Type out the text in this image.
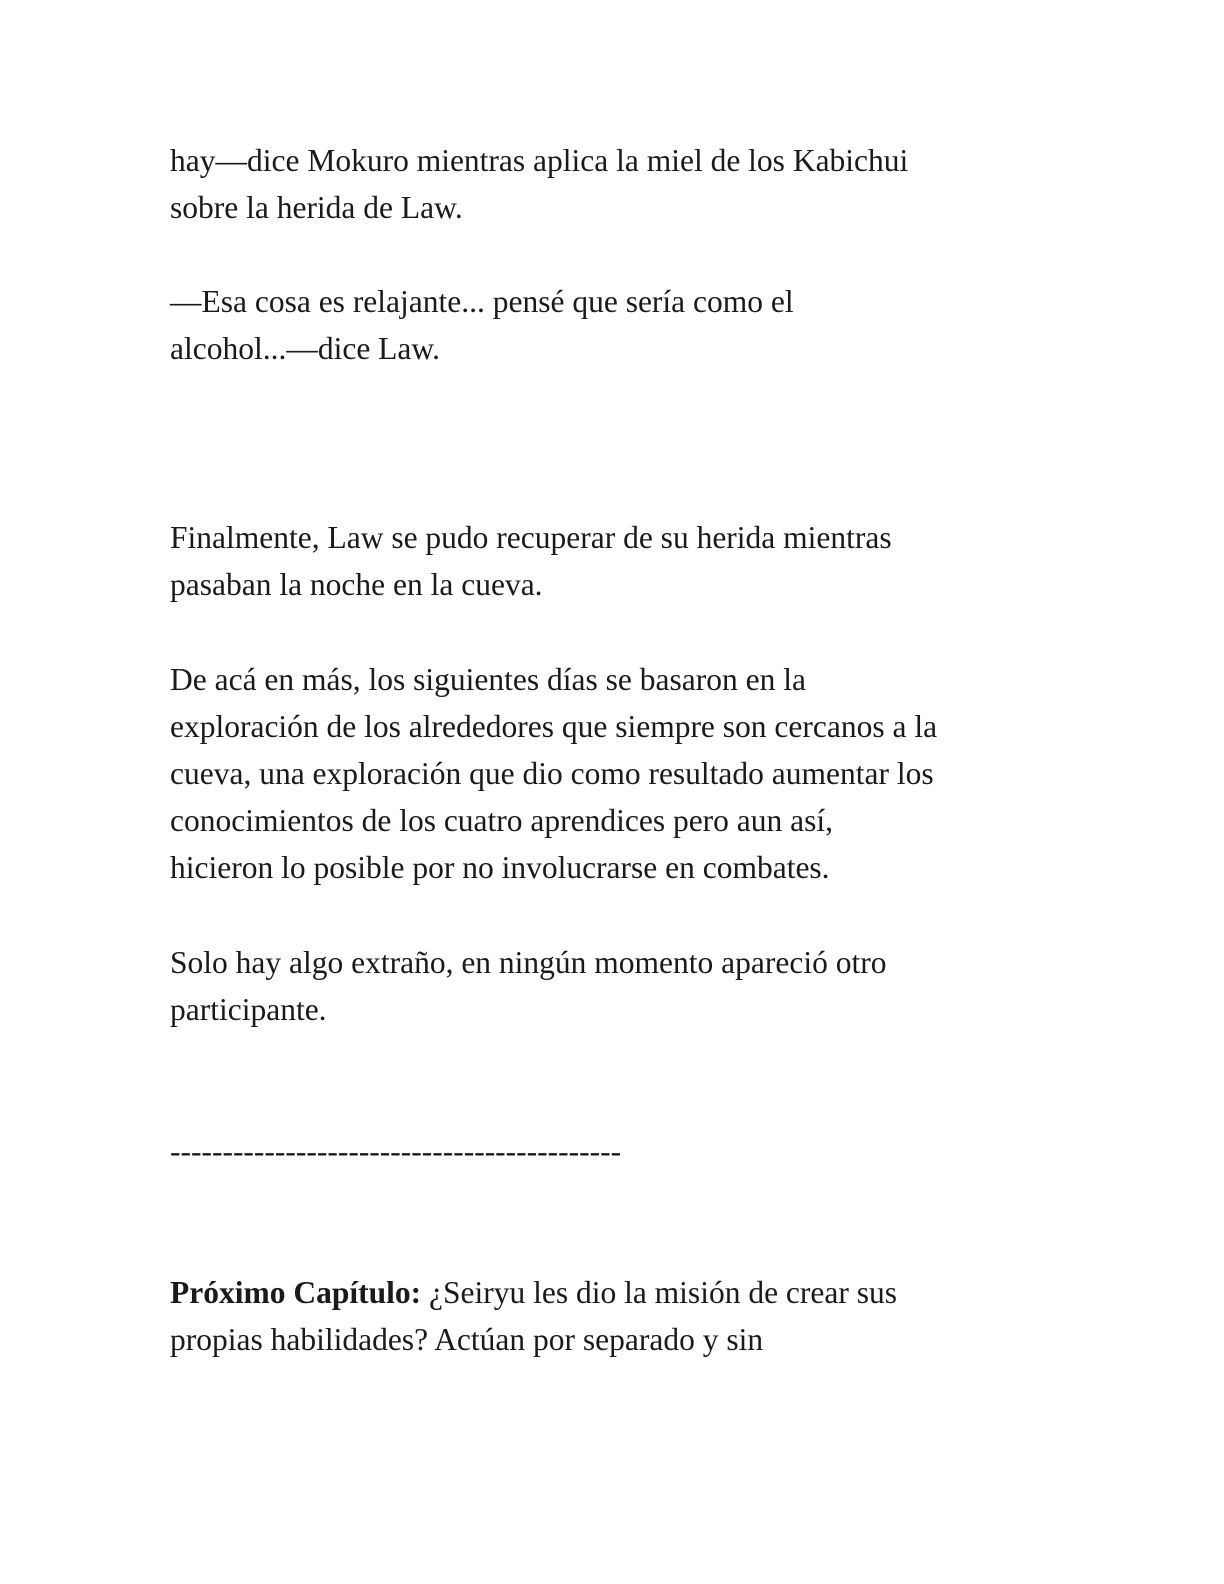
hay—dice Mokuro mientras aplica la miel de los Kabichui
sobre la herida de Law.
—Esa cosa es relajante... pensé que sería como el
alcohol...—dice Law.
Finalmente, Law se pudo recuperar de su herida mientras
pasaban la noche en la cueva.
De acá en más, los siguientes días se basaron en la
exploración de los alrededores que siempre son cercanos a la
cueva, una exploración que dio como resultado aumentar los
conocimientos de los cuatro aprendices pero aun así,
hicieron lo posible por no involucrarse en combates.
Solo hay algo extraño, en ningún momento apareció otro
participante.
-------------------------------------------
Próximo Capítulo: ¿Seiryu les dio la misión de crear sus
propias habilidades? Actúan por separado y sin
